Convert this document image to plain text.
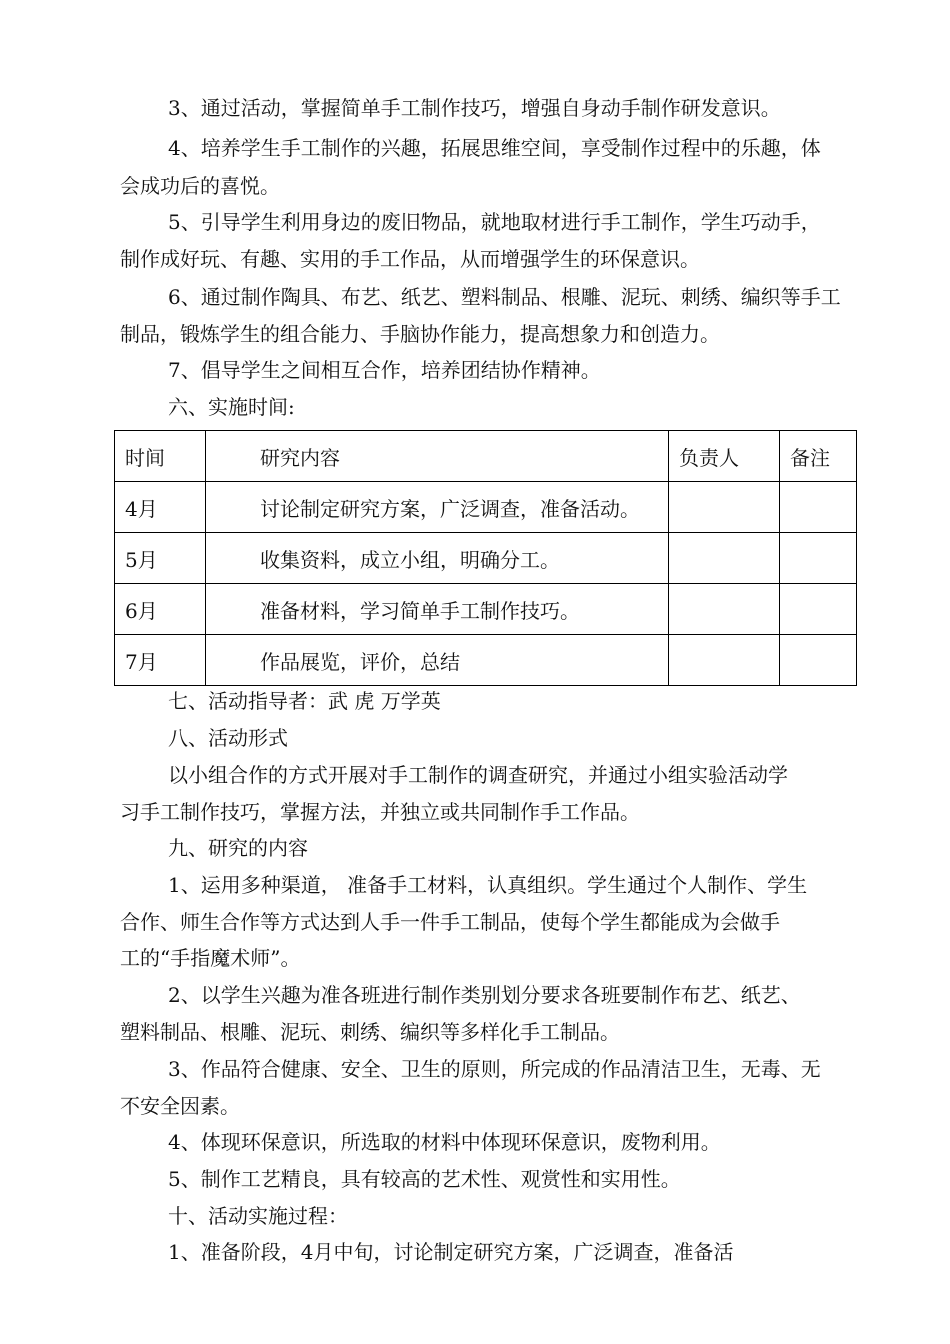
3、通过活动，掌握简单手工制作技巧，增强自身动手制作研发意识。
4、培养学生手工制作的兴趣，拓展思维空间，享受制作过程中的乐趣，体
会成功后的喜悦。
5、引导学生利用身边的废旧物品，就地取材进行手工制作，学生巧动手，
制作成好玩、有趣、实用的手工作品，从而增强学生的环保意识。
6、通过制作陶具、布艺、纸艺、塑料制品、根雕、泥玩、刺绣、编织等手工
制品，锻炼学生的组合能力、手脑协作能力，提高想象力和创造力。
7、倡导学生之间相互合作，培养团结协作精神。
六、实施时间:
时间	研究内容	负责人	备注
4月	讨论制定研究方案，广泛调查，准备活动。		
5月	收集资料，成立小组，明确分工。		
6月	准备材料，学习简单手工制作技巧。		
7月	作品展览，评价，总结		
七、活动指导者：武 虎 万学英
八、活动形式
以小组合作的方式开展对手工制作的调查研究，并通过小组实验活动学
习手工制作技巧，掌握方法，并独立或共同制作手工作品。
九、研究的内容
1、运用多种渠道， 准备手工材料，认真组织。学生通过个人制作、学生
合作、师生合作等方式达到人手一件手工制品，使每个学生都能成为会做手
工的“手指魔术师”。
2、以学生兴趣为准各班进行制作类别划分要求各班要制作布艺、纸艺、
塑料制品、根雕、泥玩、刺绣、编织等多样化手工制品。
3、作品符合健康、安全、卫生的原则，所完成的作品清洁卫生，无毒、无
不安全因素。
4、体现环保意识，所选取的材料中体现环保意识，废物利用。
5、制作工艺精良，具有较高的艺术性、观赏性和实用性。
十、活动实施过程：
1、准备阶段，4月中旬，讨论制定研究方案，广泛调查，准备活
